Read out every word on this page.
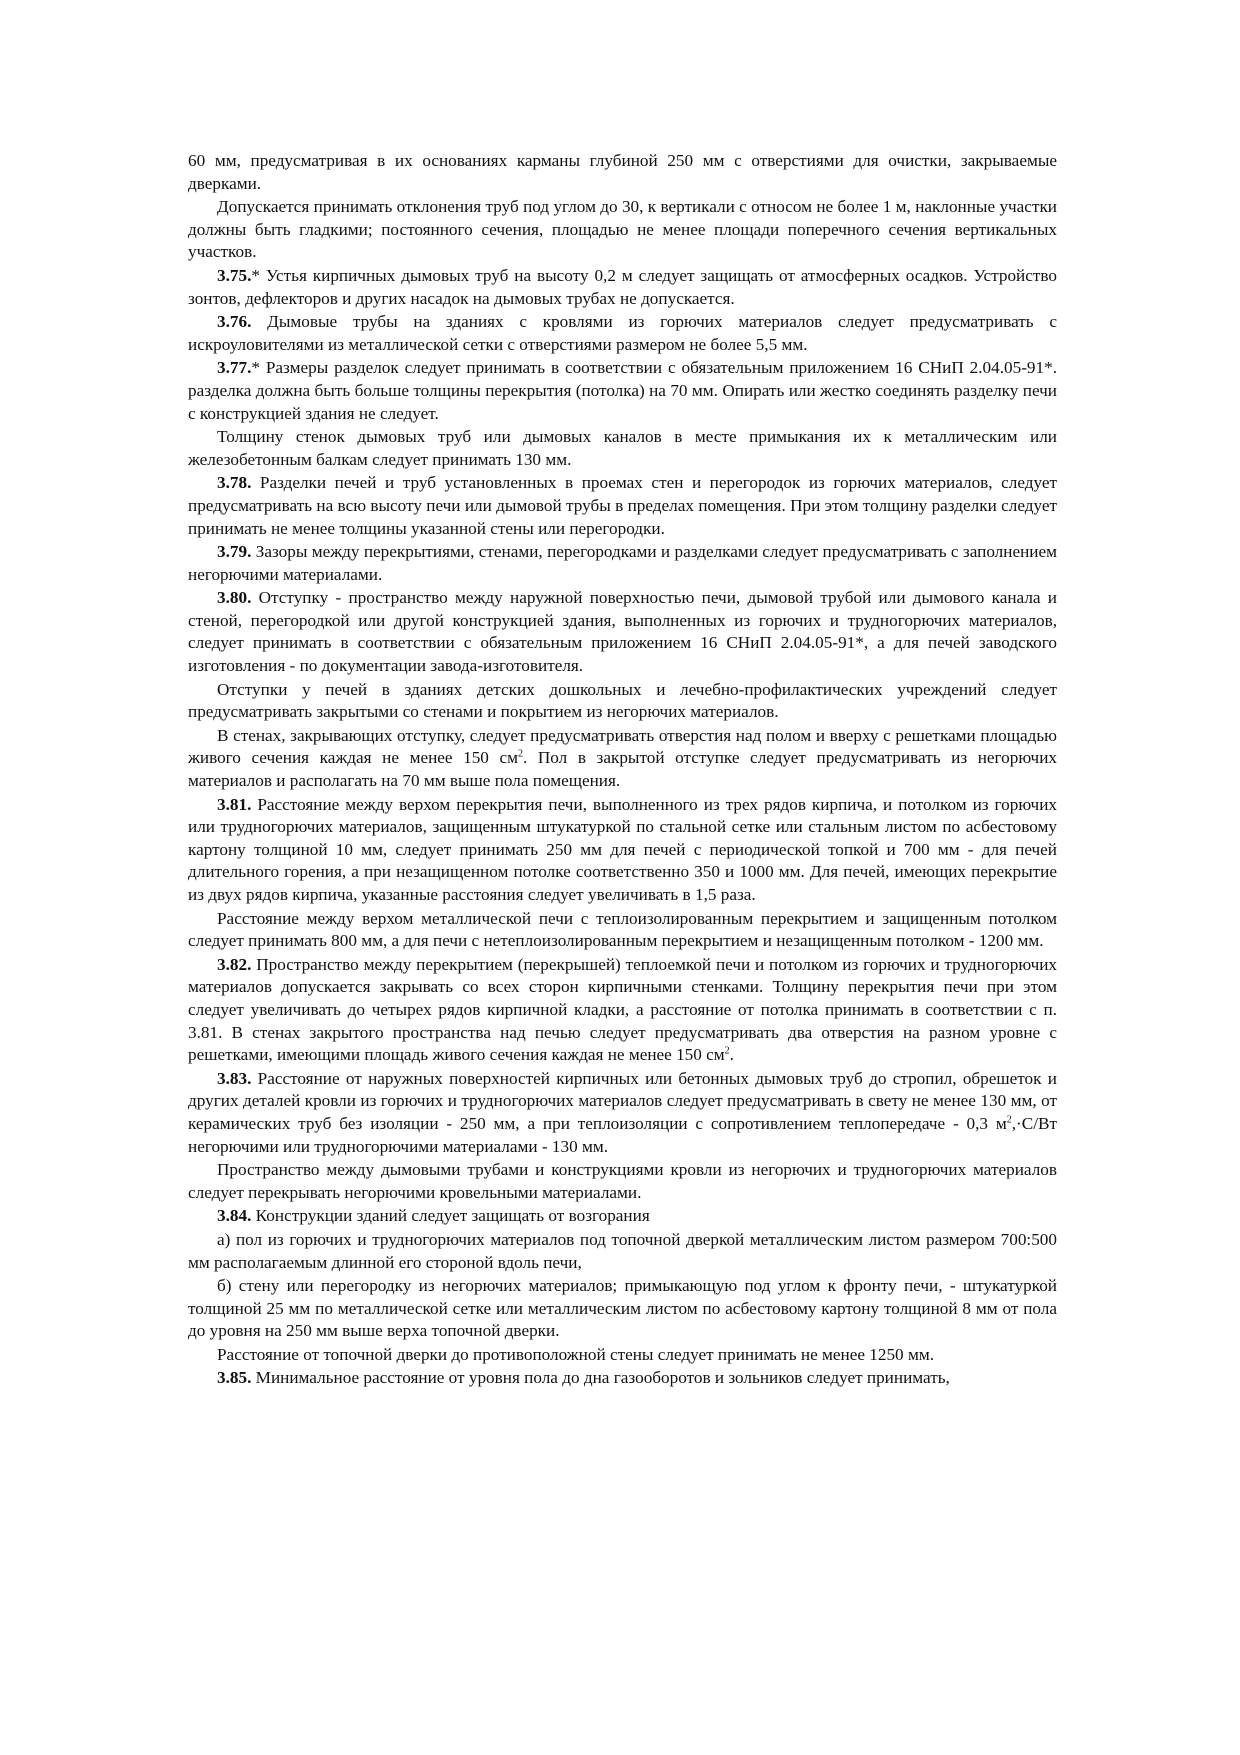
60 мм, предусматривая в их основаниях карманы глубиной 250 мм с отверстиями для очистки, закрываемые дверками.

Допускается принимать отклонения труб под углом до 30, к вертикали с относом не более 1 м, наклонные участки должны быть гладкими; постоянного сечения, площадью не менее площади поперечного сечения вертикальных участков.

3.75.* Устья кирпичных дымовых труб на высоту 0,2 м следует защищать от атмосферных осадков. Устройство зонтов, дефлекторов и других насадок на дымовых трубах не допускается.

3.76. Дымовые трубы на зданиях с кровлями из горючих материалов следует предусматривать с искроуловителями из металлической сетки с отверстиями размером не более 5,5 мм.

3.77.* Размеры разделок следует принимать в соответствии с обязательным приложением 16 СНиП 2.04.05-91*. разделка должна быть больше толщины перекрытия (потолка) на 70 мм. Опирать или жестко соединять разделку печи с конструкцией здания не следует.

Толщину стенок дымовых труб или дымовых каналов в месте примыкания их к металлическим или железобетонным балкам следует принимать 130 мм.

3.78. Разделки печей и труб установленных в проемах стен и перегородок из горючих материалов, следует предусматривать на всю высоту печи или дымовой трубы в пределах помещения. При этом толщину разделки следует принимать не менее толщины указанной стены или перегородки.

3.79. Зазоры между перекрытиями, стенами, перегородками и разделками следует предусматривать с заполнением негорючими материалами.

3.80. Отступку - пространство между наружной поверхностью печи, дымовой трубой или дымового канала и стеной, перегородкой или другой конструкцией здания, выполненных из горючих и трудногорючих материалов, следует принимать в соответствии с обязательным приложением 16 СНиП 2.04.05-91*, а для печей заводского изготовления - по документации завода-изготовителя.

Отступки у печей в зданиях детских дошкольных и лечебно-профилактических учреждений следует предусматривать закрытыми со стенами и покрытием из негорючих материалов.

В стенах, закрывающих отступку, следует предусматривать отверстия над полом и вверху с решетками площадью живого сечения каждая не менее 150 $см^2$. Пол в закрытой отступке следует предусматривать из негорючих материалов и располагать на 70 мм выше пола помещения.

3.81. Расстояние между верхом перекрытия печи, выполненного из трех рядов кирпича, и потолком из горючих или трудногорючих материалов, защищенным штукатуркой по стальной сетке или стальным листом по асбестовому картону толщиной 10 мм, следует принимать 250 мм для печей с периодической топкой и 700 мм - для печей длительного горения, а при незащищенном потолке соответственно 350 и 1000 мм. Для печей, имеющих перекрытие из двух рядов кирпича, указанные расстояния следует увеличивать в 1,5 раза.

Расстояние между верхом металлической печи с теплоизолированным перекрытием и защищенным потолком следует принимать 800 мм, а для печи с нетеплоизолированным перекрытием и незащищенным потолком - 1200 мм.

3.82. Пространство между перекрытием (перекрышей) теплоемкой печи и потолком из горючих и трудногорючих материалов допускается закрывать со всех сторон кирпичными стенками. Толщину перекрытия печи при этом следует увеличивать до четырех рядов кирпичной кладки, а расстояние от потолка принимать в соответствии с п. 3.81. В стенах закрытого пространства над печью следует предусматривать два отверстия на разном уровне с решетками, имеющими площадь живого сечения каждая не менее 150 $см^2$.

3.83. Расстояние от наружных поверхностей кирпичных или бетонных дымовых труб до стропил, обрешеток и других деталей кровли из горючих и трудногорючих материалов следует предусматривать в свету не менее 130 мм, от керамических труб без изоляции - 250 мм, а при теплоизоляции с сопротивлением теплопередаче - 0,3 $м^2,\cdot С/Вт$ негорючими или трудногорючими материалами - 130 мм.

Пространство между дымовыми трубами и конструкциями кровли из негорючих и трудногорючих материалов следует перекрывать негорючими кровельными материалами.

3.84. Конструкции зданий следует защищать от возгорания

а) пол из горючих и трудногорючих материалов под топочной дверкой металлическим листом размером 700:500 мм располагаемым длинной его стороной вдоль печи,

б) стену или перегородку из негорючих материалов; примыкающую под углом к фронту печи, - штукатуркой толщиной 25 мм по металлической сетке или металлическим листом по асбестовому картону толщиной 8 мм от пола до уровня на 250 мм выше верха топочной дверки.

Расстояние от топочной дверки до противоположной стены следует принимать не менее 1250 мм.

3.85. Минимальное расстояние от уровня пола до дна газооборотов и зольников следует принимать,
